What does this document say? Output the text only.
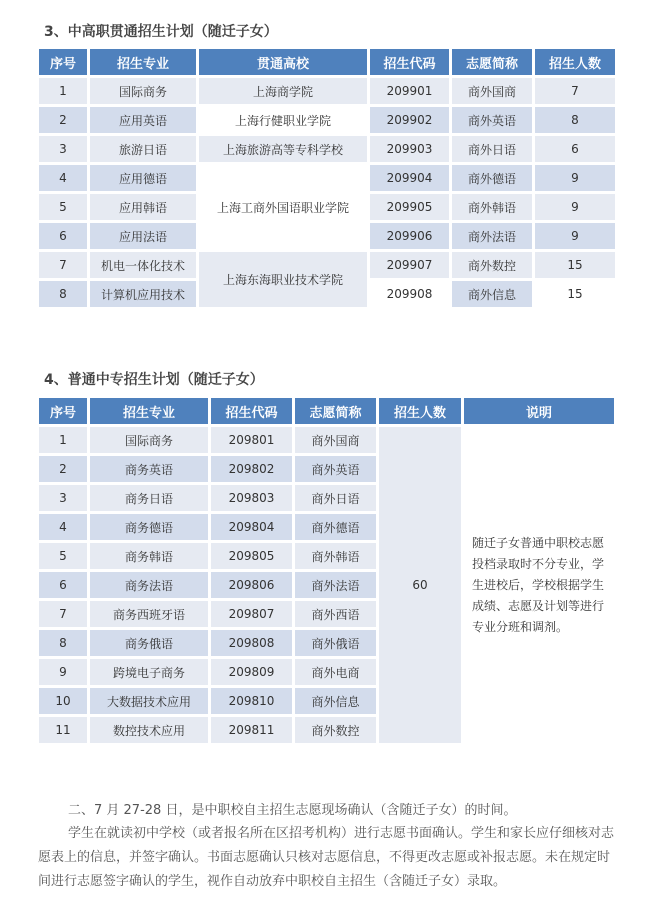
3、中高职贯通招生计划（随迁子女）
序号	招生专业	贯通高校	招生代码	志愿简称	招生人数
1	国际商务	上海商学院	209901	商外国商	7
2	应用英语	上海行健职业学院	209902	商外英语	8
3	旅游日语	上海旅游高等专科学校	209903	商外日语	6
4	应用德语	上海工商外国语职业学院	209904	商外德语	9
5	应用韩语		209905	商外韩语	9
6	应用法语		209906	商外法语	9
7	机电一体化技术	上海东海职业技术学院	209907	商外数控	15
8	计算机应用技术		209908	商外信息	15
4、普通中专招生计划（随迁子女）
序号	招生专业	招生代码	志愿简称	招生人数	说明
1	国际商务	209801	商外国商	60	随迁子女普通中职校志愿投档录取时不分专业，学生进校后，学校根据学生成绩、志愿及计划等进行专业分班和调剂。
2	商务英语	209802	商外英语		
3	商务日语	209803	商外日语		
4	商务德语	209804	商外德语		
5	商务韩语	209805	商外韩语		
6	商务法语	209806	商外法语		
7	商务西班牙语	209807	商外西语		
8	商务俄语	209808	商外俄语		
9	跨境电子商务	209809	商外电商		
10	大数据技术应用	209810	商外信息		
11	数控技术应用	209811	商外数控		

二、7 月 27-28 日，是中职校自主招生志愿现场确认（含随迁子女）的时间。

学生在就读初中学校（或者报名所在区招考机构）进行志愿书面确认。学生和家长应仔细核对志愿表上的信息，并签字确认。书面志愿确认只核对志愿信息，不得更改志愿或补报志愿。未在规定时间进行志愿签字确认的学生，视作自动放弃中职校自主招生（含随迁子女）录取。
